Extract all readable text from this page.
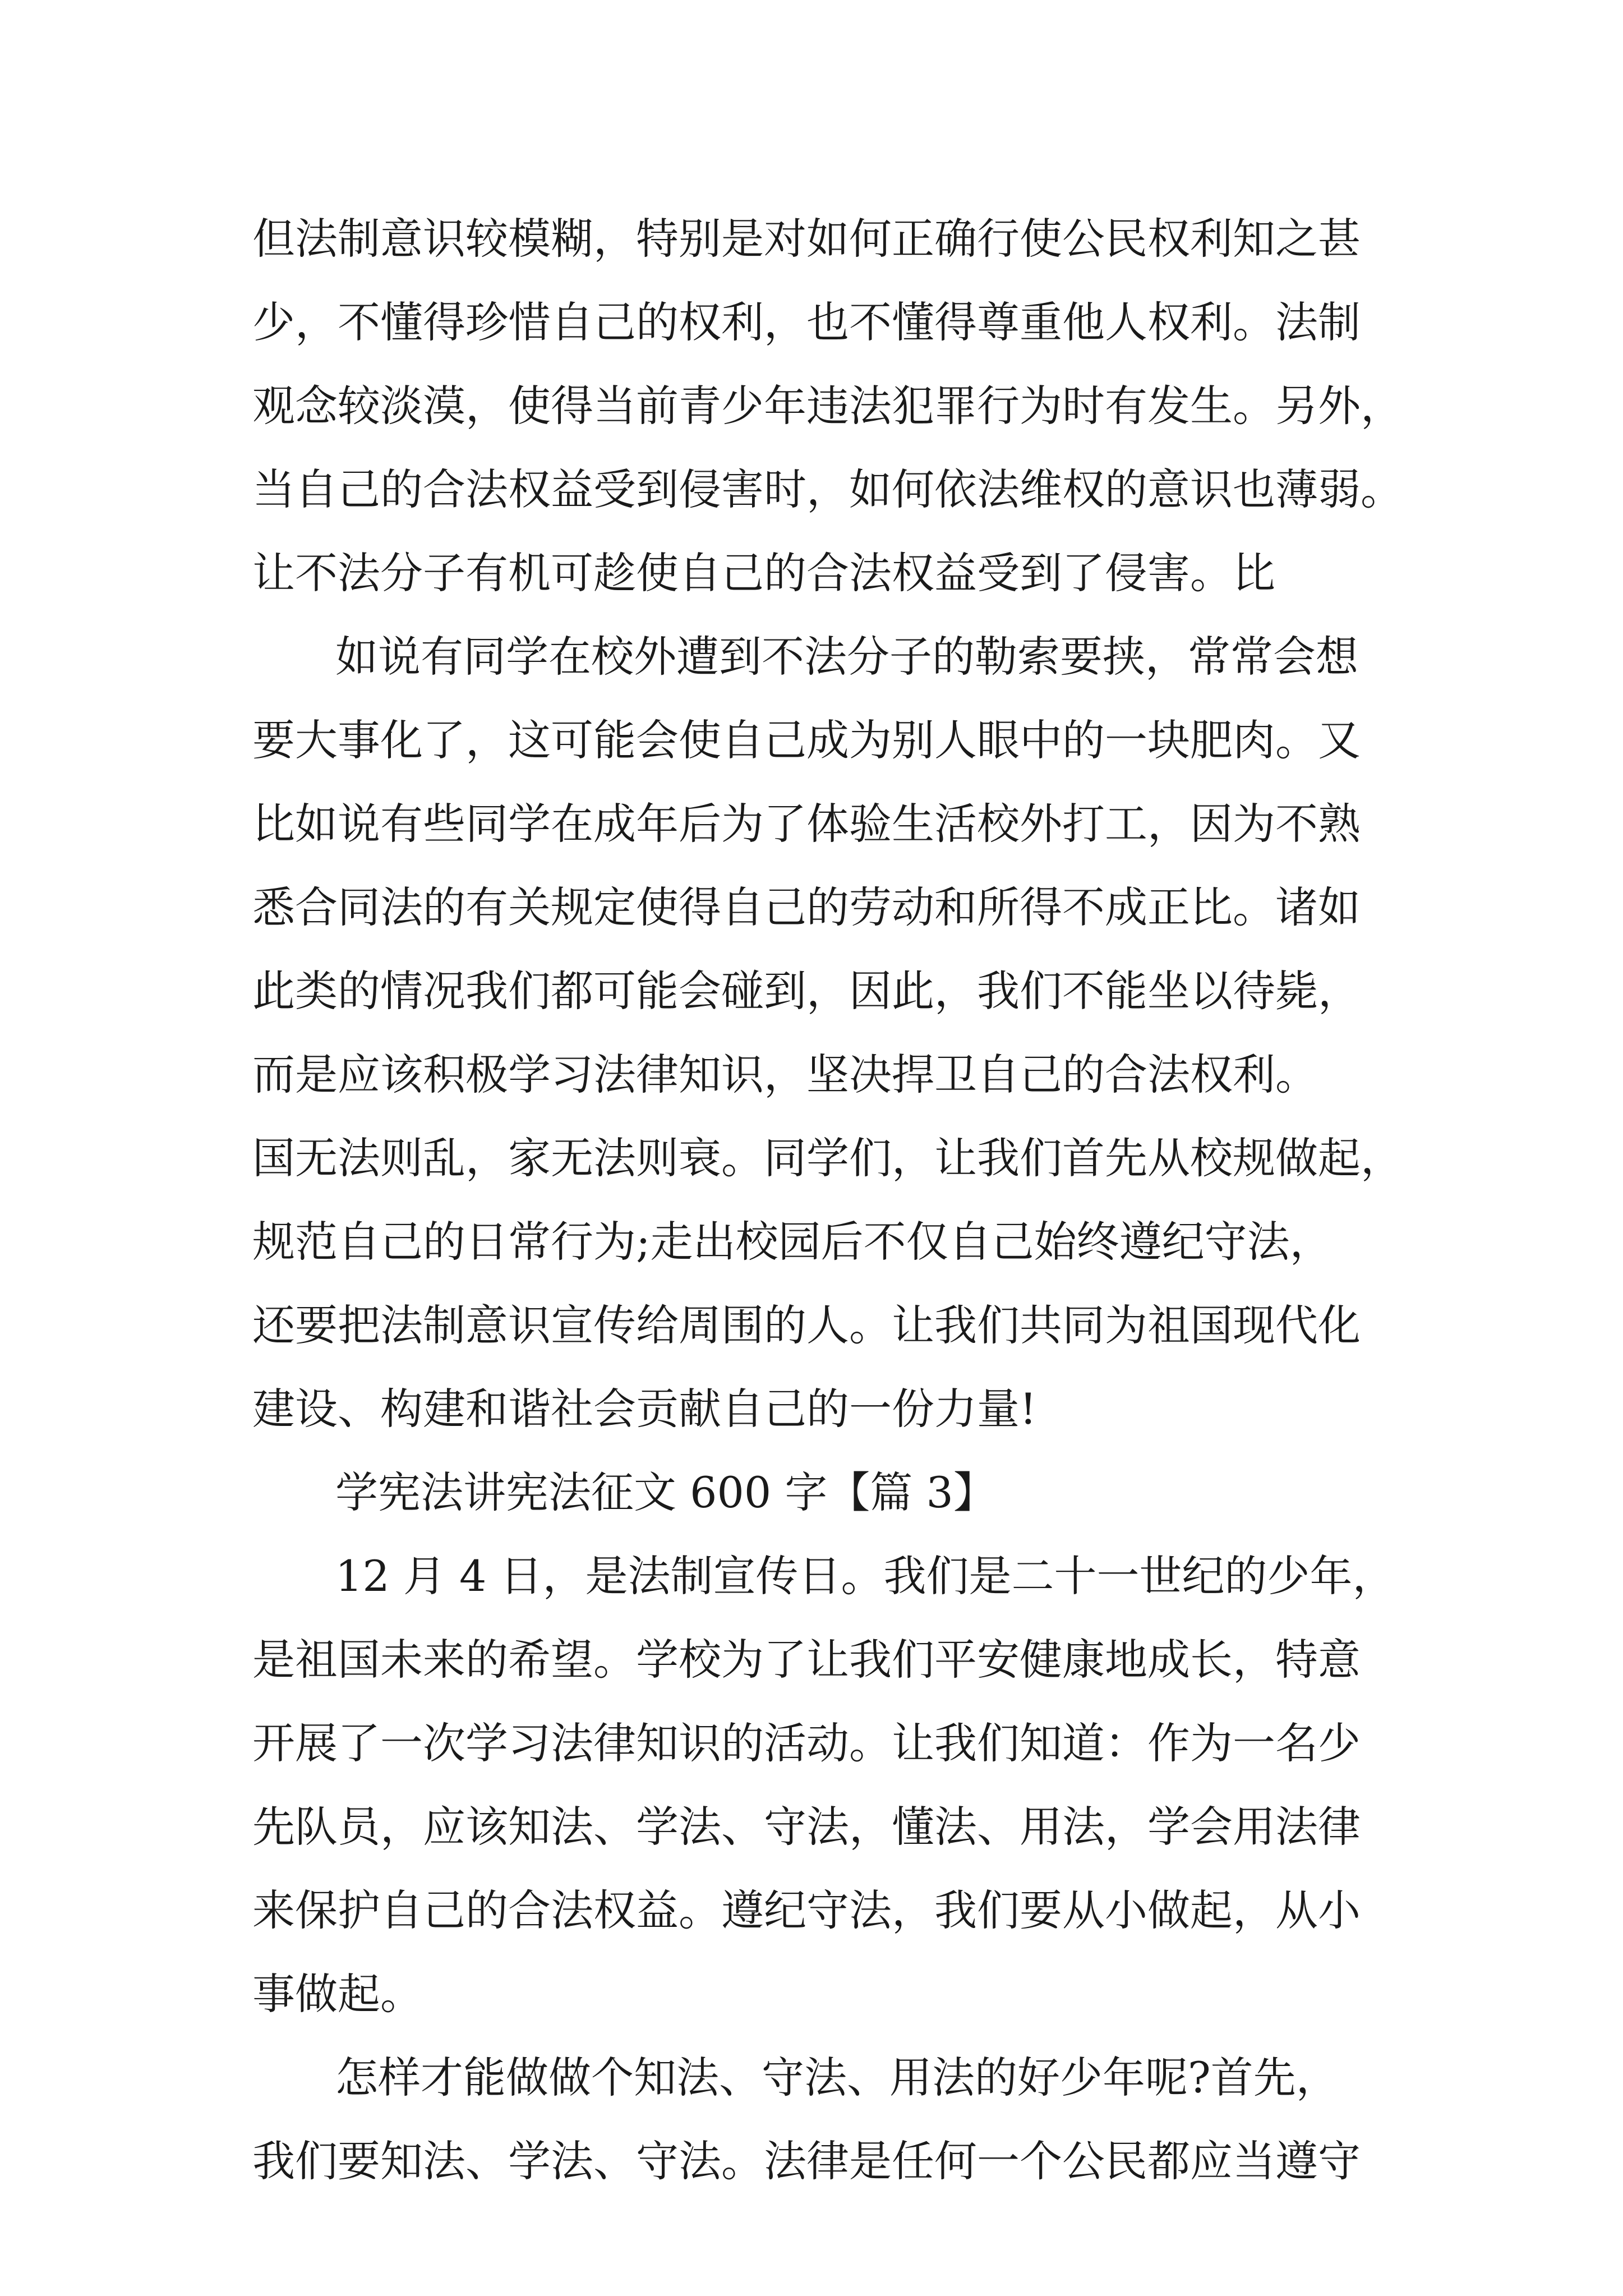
但法制意识较模糊，特别是对如何正确行使公民权利知之甚
少，不懂得珍惜自己的权利，也不懂得尊重他人权利。法制
观念较淡漠，使得当前青少年违法犯罪行为时有发生。另外，
当自己的合法权益受到侵害时，如何依法维权的意识也薄弱。
让不法分子有机可趁使自己的合法权益受到了侵害。比
如说有同学在校外遭到不法分子的勒索要挟，常常会想
要大事化了，这可能会使自己成为别人眼中的一块肥肉。又
比如说有些同学在成年后为了体验生活校外打工，因为不熟
悉合同法的有关规定使得自己的劳动和所得不成正比。诸如
此类的情况我们都可能会碰到，因此，我们不能坐以待毙，
而是应该积极学习法律知识，坚决捍卫自己的合法权利。
国无法则乱，家无法则衰。同学们，让我们首先从校规做起，
规范自己的日常行为;走出校园后不仅自己始终遵纪守法，
还要把法制意识宣传给周围的人。让我们共同为祖国现代化
建设、构建和谐社会贡献自己的一份力量!
学宪法讲宪法征文 600 字【篇 3】
12 月 4 日，是法制宣传日。我们是二十一世纪的少年，
是祖国未来的希望。学校为了让我们平安健康地成长，特意
开展了一次学习法律知识的活动。让我们知道：作为一名少
先队员，应该知法、学法、守法，懂法、用法，学会用法律
来保护自己的合法权益。遵纪守法，我们要从小做起，从小
事做起。
怎样才能做做个知法、守法、用法的好少年呢?首先，
我们要知法、学法、守法。法律是任何一个公民都应当遵守
